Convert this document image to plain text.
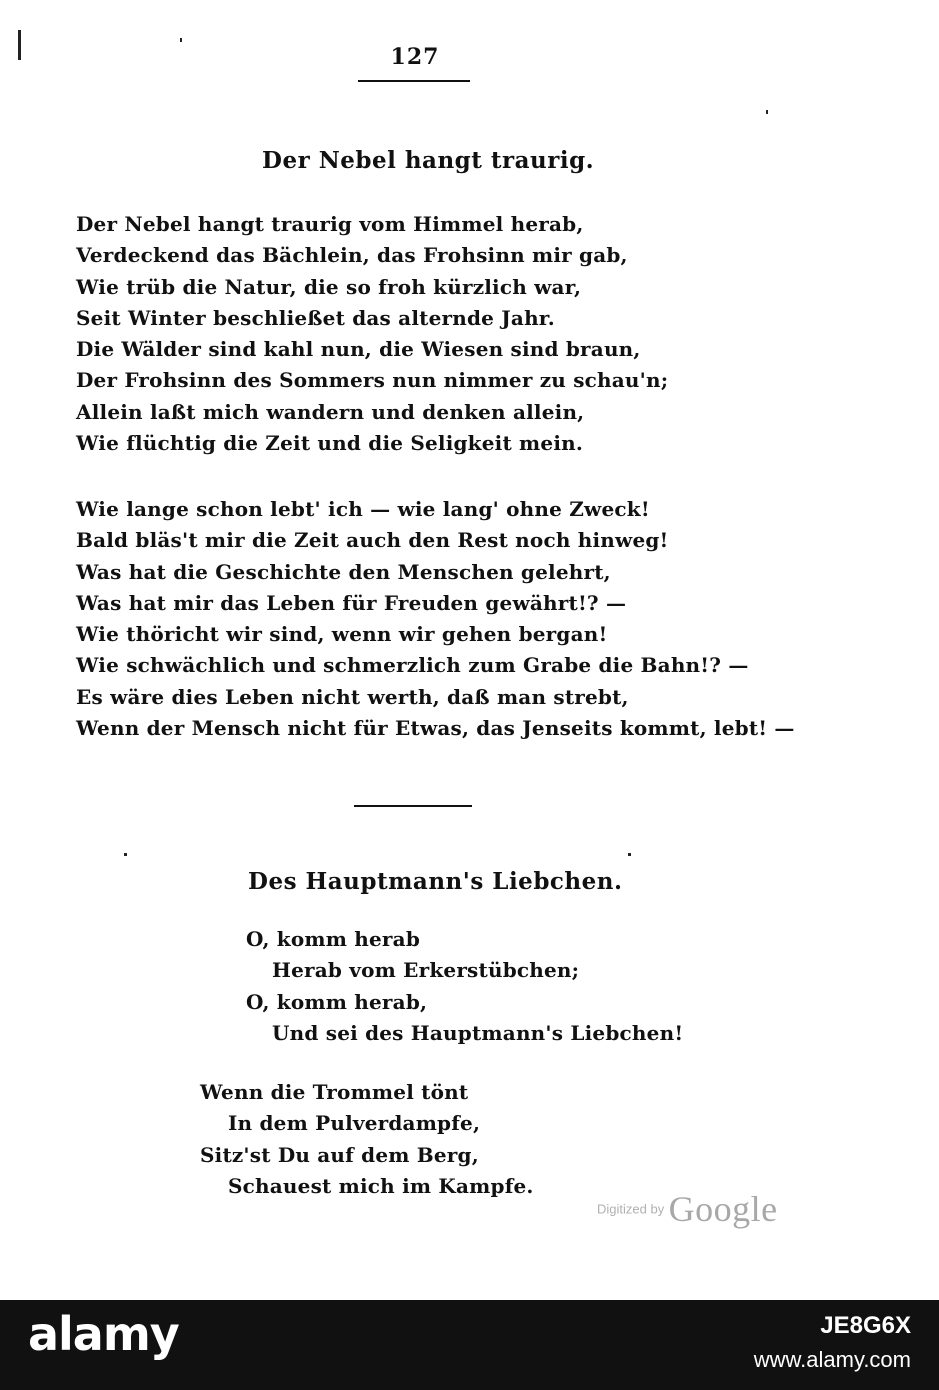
127
Der Nebel hangt traurig.
Der Nebel hangt traurig vom Himmel herab,
Verdeckend das Bächlein, das Frohsinn mir gab,
Wie trüb die Natur, die so froh kürzlich war,
Seit Winter beschließet das alternde Jahr.
Die Wälder sind kahl nun, die Wiesen sind braun,
Der Frohsinn des Sommers nun nimmer zu schau'n;
Allein laßt mich wandern und denken allein,
Wie flüchtig die Zeit und die Seligkeit mein.
Wie lange schon lebt' ich — wie lang' ohne Zweck!
Bald bläs't mir die Zeit auch den Rest noch hinweg!
Was hat die Geschichte den Menschen gelehrt,
Was hat mir das Leben für Freuden gewährt!? —
Wie thöricht wir sind, wenn wir gehen bergan!
Wie schwächlich und schmerzlich zum Grabe die Bahn!? —
Es wäre dies Leben nicht werth, daß man strebt,
Wenn der Mensch nicht für Etwas, das Jenseits kommt, lebt! —
Des Hauptmann's Liebchen.
O, komm herab
Herab vom Erkerstübchen;
O, komm herab,
Und sei des Hauptmann's Liebchen!
Wenn die Trommel tönt
In dem Pulverdampfe,
Sitz'st Du auf dem Berg,
Schauest mich im Kampfe.
Digitized by Google
alamy	JE8G6X
www.alamy.com
